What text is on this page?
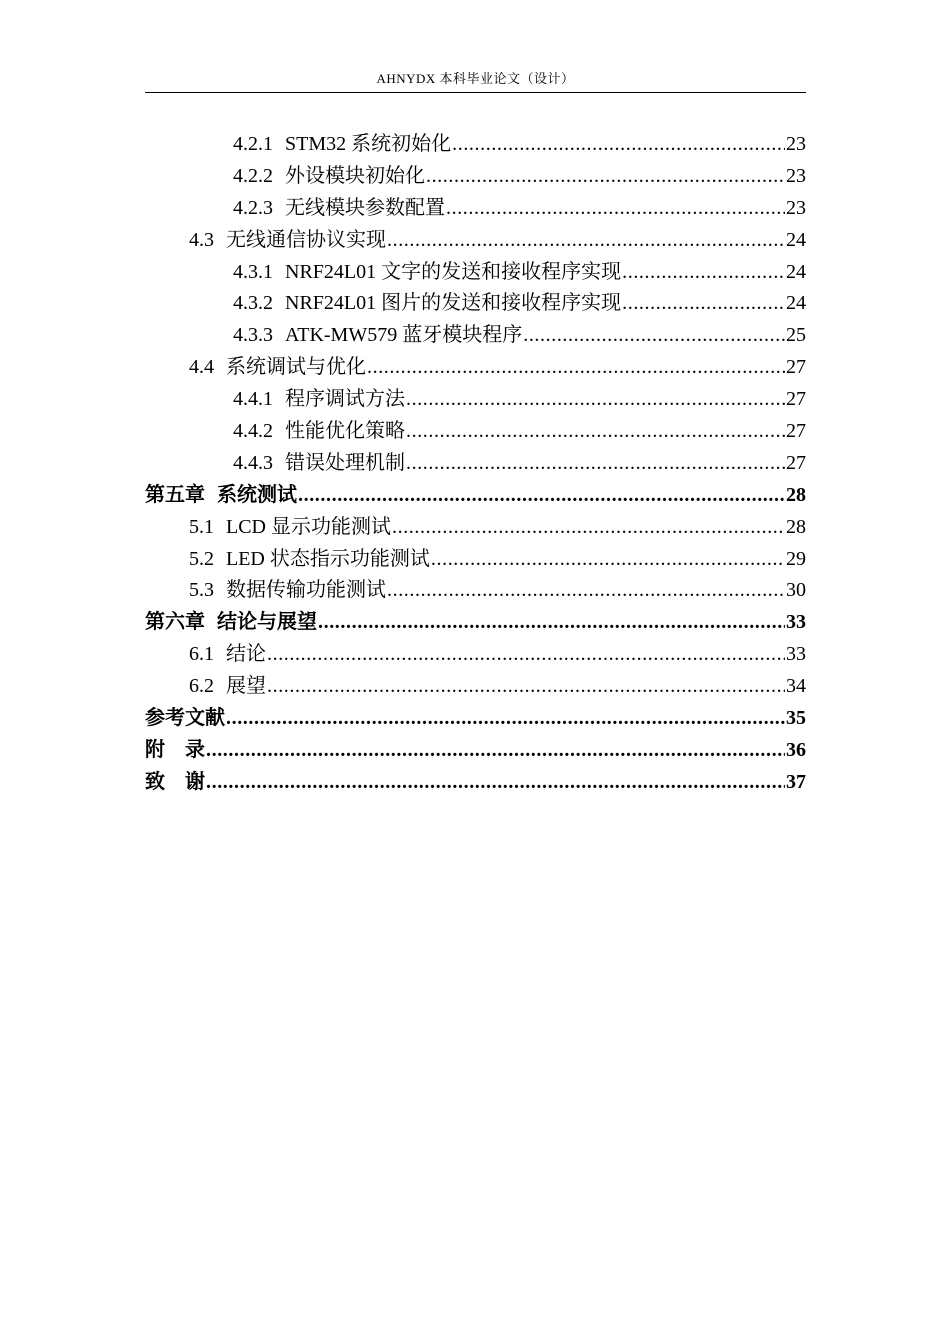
AHNYDX 本科毕业论文（设计）
4.2.1 STM32 系统初始化 .....	23
4.2.2 外设模块初始化 .....	23
4.2.3 无线模块参数配置 .....	23
4.3 无线通信协议实现 .....	24
4.3.1 NRF24L01 文字的发送和接收程序实现 .....	24
4.3.2 NRF24L01 图片的发送和接收程序实现 .....	24
4.3.3 ATK-MW579 蓝牙模块程序 .....	25
4.4 系统调试与优化 .....	27
4.4.1 程序调试方法 .....	27
4.4.2 性能优化策略 .....	27
4.4.3 错误处理机制 .....	27
第五章 系统测试 .....	28
5.1 LCD 显示功能测试 .....	28
5.2 LED 状态指示功能测试 .....	29
5.3 数据传输功能测试 .....	30
第六章 结论与展望 .....	33
6.1 结论 .....	33
6.2 展望 .....	34
参考文献 .....	35
附　录 .....	36
致　谢 .....	37
